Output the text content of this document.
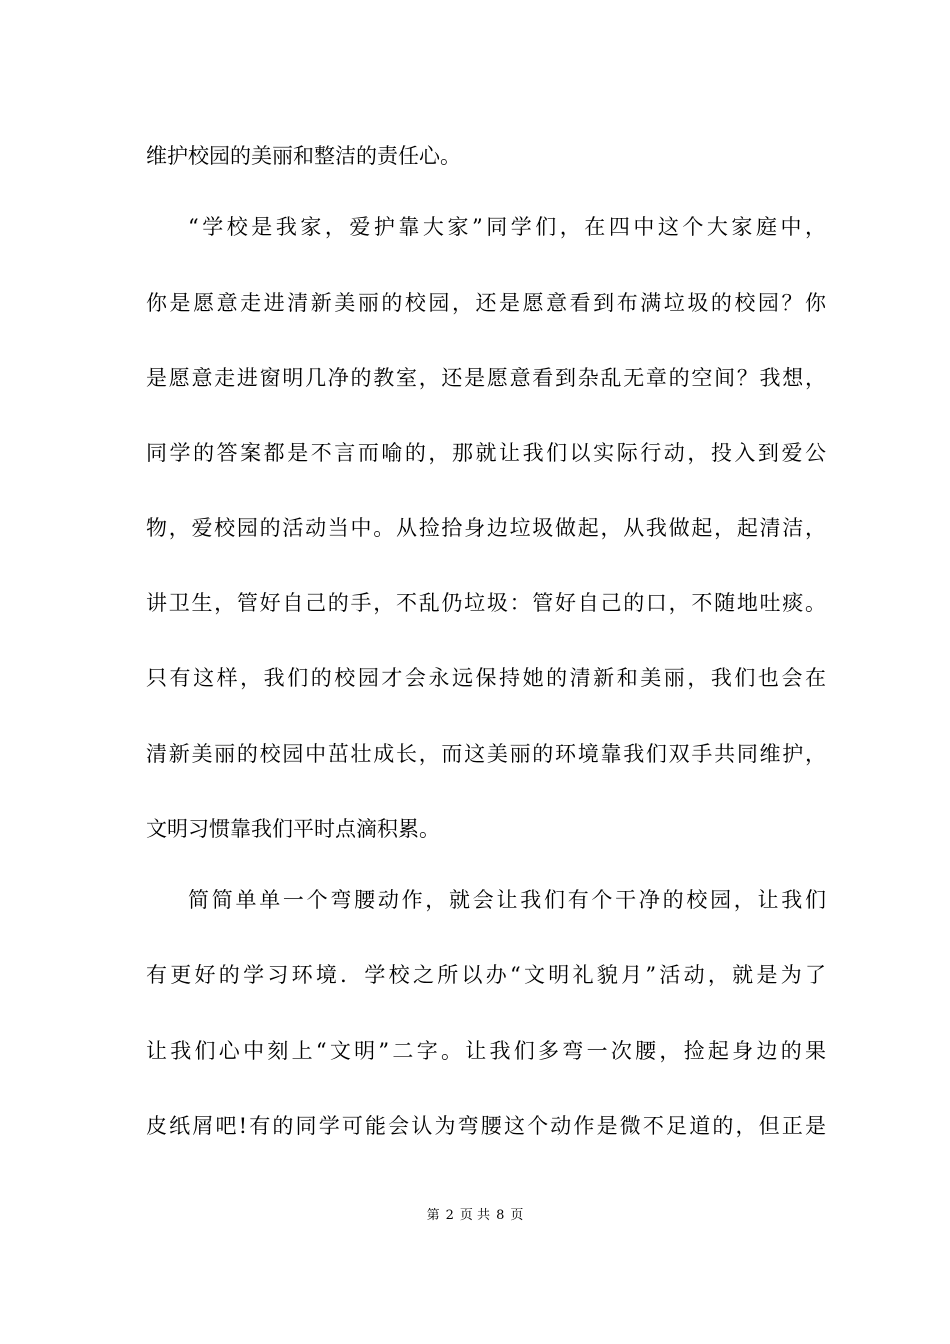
维护校园的美丽和整洁的责任心。
“学校是我家，爱护靠大家”同学们，在四中这个大家庭中，
你是愿意走进清新美丽的校园，还是愿意看到布满垃圾的校园？你
是愿意走进窗明几净的教室，还是愿意看到杂乱无章的空间？我想，
同学的答案都是不言而喻的，那就让我们以实际行动，投入到爱公
物，爱校园的活动当中。从捡拾身边垃圾做起，从我做起，起清洁，
讲卫生，管好自己的手，不乱仍垃圾：管好自己的口，不随地吐痰。
只有这样，我们的校园才会永远保持她的清新和美丽，我们也会在
清新美丽的校园中茁壮成长，而这美丽的环境靠我们双手共同维护，
文明习惯靠我们平时点滴积累。
简简单单一个弯腰动作，就会让我们有个干净的校园，让我们
有更好的学习环境．学校之所以办“文明礼貌月”活动，就是为了
让我们心中刻上“文明”二字。让我们多弯一次腰，捡起身边的果
皮纸屑吧!有的同学可能会认为弯腰这个动作是微不足道的，但正是
第 2 页 共 8 页
